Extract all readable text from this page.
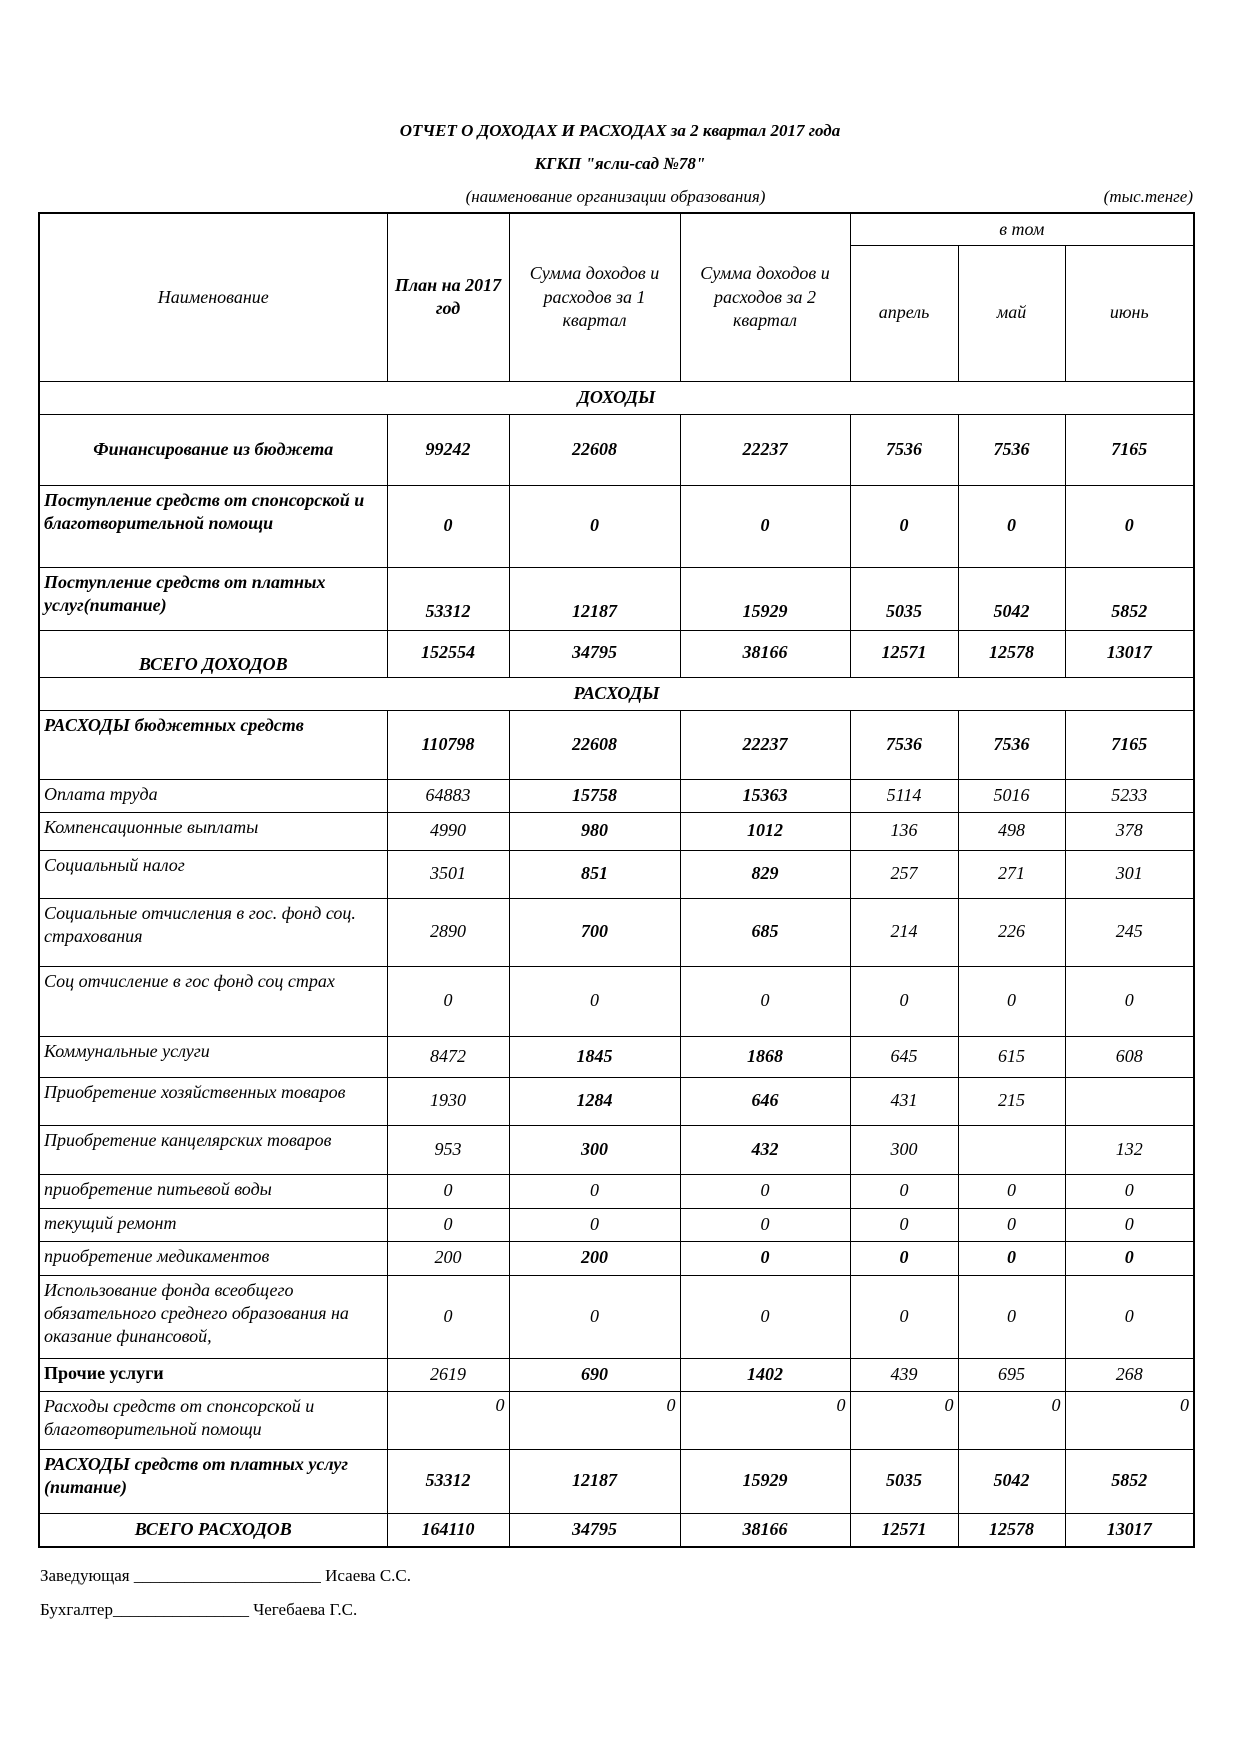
ОТЧЕТ О ДОХОДАХ И РАСХОДАХ за 2 квартал 2017 года
КГКП "ясли-сад №78"
(наименование организации образования)	(тыс.тенге)
Наименование	План на 2017 год	Сумма доходов и расходов за 1 квартал	Сумма доходов и расходов за 2 квартал	в том		
				апрель	май	июнь
ДОХОДЫ						
Финансирование из бюджета	99242	22608	22237	7536	7536	7165
Поступление средств от спонсорской и благотворительной помощи	0	0	0	0	0	0
Поступление средств от платных услуг(питание)	53312	12187	15929	5035	5042	5852
ВСЕГО ДОХОДОВ	152554	34795	38166	12571	12578	13017
РАСХОДЫ						
РАСХОДЫ бюджетных средств	110798	22608	22237	7536	7536	7165
Оплата труда	64883	15758	15363	5114	5016	5233
Компенсационные выплаты	4990	980	1012	136	498	378
Социальный налог	3501	851	829	257	271	301
Социальные отчисления в гос. фонд соц. страхования	2890	700	685	214	226	245
Соц отчисление в гос фонд соц страх	0	0	0	0	0	0
Коммунальные услуги	8472	1845	1868	645	615	608
Приобретение хозяйственных товаров	1930	1284	646	431	215	
Приобретение канцелярских товаров	953	300	432	300		132
приобретение питьевой воды	0	0	0	0	0	0
текущий ремонт	0	0	0	0	0	0
приобретение медикаментов	200	200	0	0	0	0
Использование фонда всеобщего обязательного среднего образования на оказание финансовой,	0	0	0	0	0	0
Прочие услуги	2619	690	1402	439	695	268
Расходы средств от спонсорской и благотворительной помощи	0	0	0	0	0	0
РАСХОДЫ средств от платных услуг (питание)	53312	12187	15929	5035	5042	5852
ВСЕГО РАСХОДОВ	164110	34795	38166	12571	12578	13017
Заведующая ______________________ Исаева С.С.
Бухгалтер________________ Чегебаева Г.С.
